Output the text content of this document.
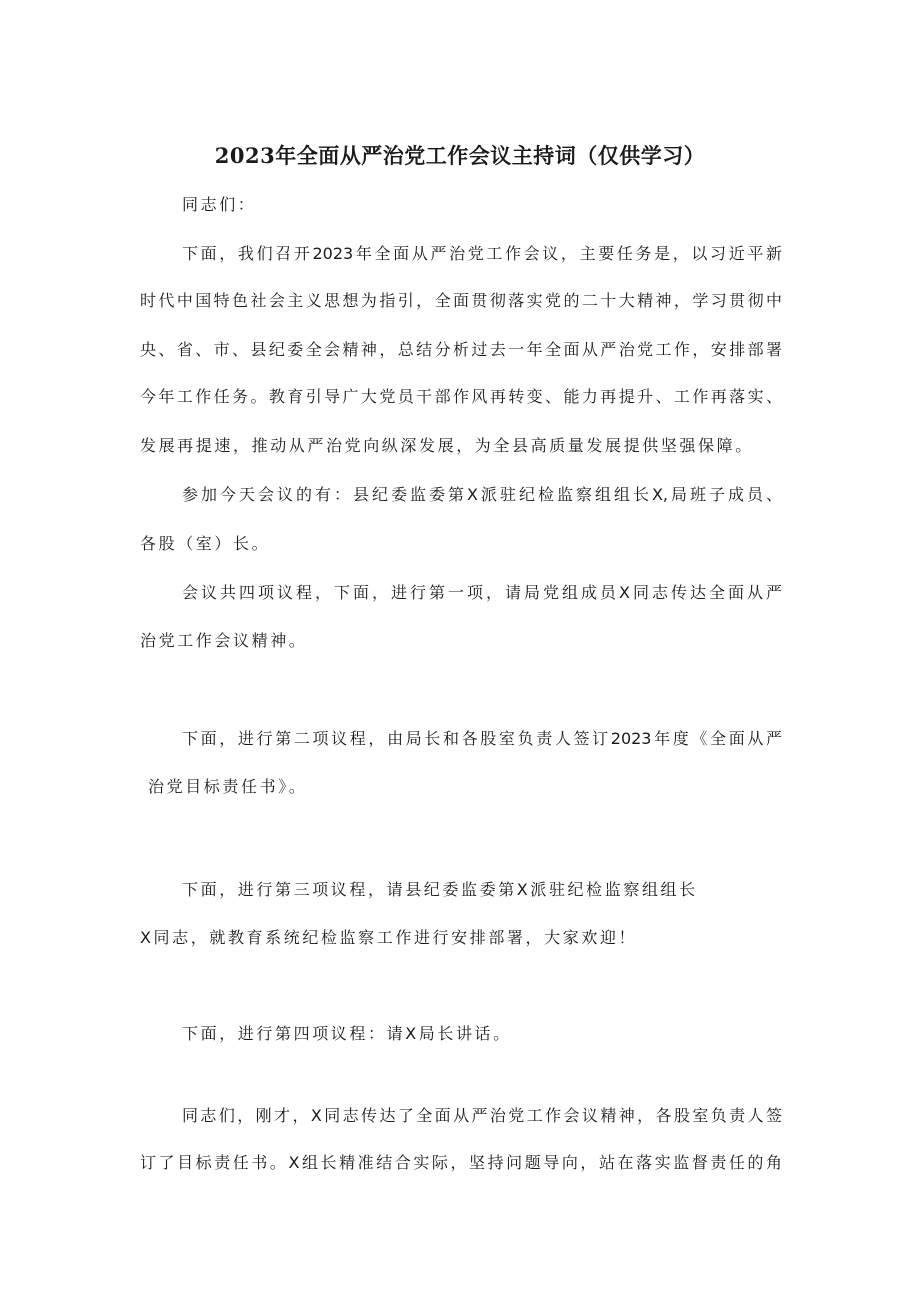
2023年全面从严治党工作会议主持词（仅供学习）
同志们：
下面，我们召开2023年全面从严治党工作会议，主要任务是，以习近平新
时代中国特色社会主义思想为指引，全面贯彻落实党的二十大精神，学习贯彻中
央、省、市、县纪委全会精神，总结分析过去一年全面从严治党工作，安排部署
今年工作任务。教育引导广大党员干部作风再转变、能力再提升、工作再落实、
发展再提速，推动从严治党向纵深发展，为全县高质量发展提供坚强保障。
参加今天会议的有：县纪委监委第X派驻纪检监察组组长X,局班子成员、
各股（室）长。
会议共四项议程，下面，进行第一项，请局党组成员X同志传达全面从严
治党工作会议精神。
下面，进行第二项议程，由局长和各股室负责人签订2023年度《全面从严
治党目标责任书》。
下面，进行第三项议程，请县纪委监委第X派驻纪检监察组组长
X同志，就教育系统纪检监察工作进行安排部署，大家欢迎！
下面，进行第四项议程：请X局长讲话。
同志们，刚才，X同志传达了全面从严治党工作会议精神，各股室负责人签
订了目标责任书。X组长精准结合实际，坚持问题导向，站在落实监督责任的角
